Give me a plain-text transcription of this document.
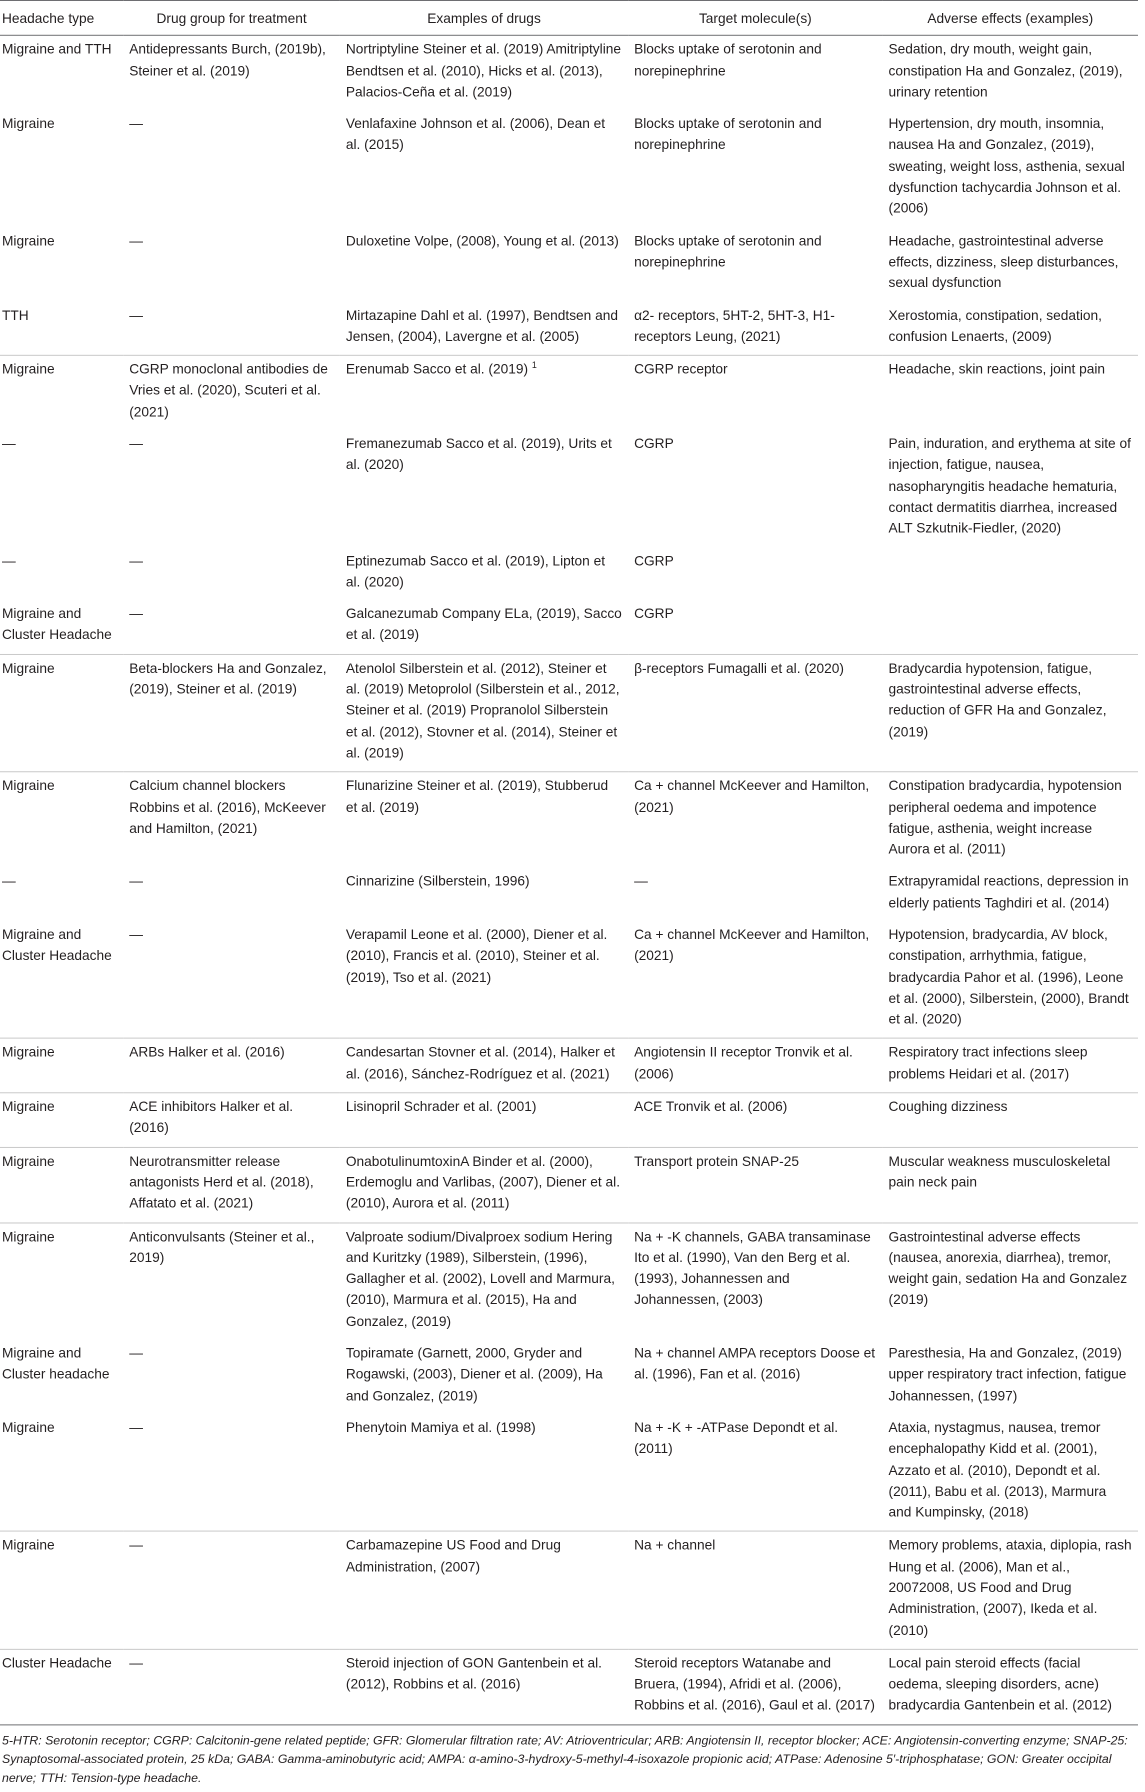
Headache type	Drug group for treatment	Examples of drugs	Target molecule(s)	Adverse effects (examples)
Migraine and TTH	Antidepressants Burch, (2019b), Steiner et al. (2019)	Nortriptyline Steiner et al. (2019) Amitriptyline Bendtsen et al. (2010), Hicks et al. (2013), Palacios-Ceña et al. (2019)	Blocks uptake of serotonin and norepinephrine	Sedation, dry mouth, weight gain, constipation Ha and Gonzalez, (2019), urinary retention
Migraine	—	Venlafaxine Johnson et al. (2006), Dean et al. (2015)	Blocks uptake of serotonin and norepinephrine	Hypertension, dry mouth, insomnia, nausea Ha and Gonzalez, (2019), sweating, weight loss, asthenia, sexual dysfunction tachycardia Johnson et al. (2006)
Migraine	—	Duloxetine Volpe, (2008), Young et al. (2013)	Blocks uptake of serotonin and norepinephrine	Headache, gastrointestinal adverse effects, dizziness, sleep disturbances, sexual dysfunction
TTH	—	Mirtazapine Dahl et al. (1997), Bendtsen and Jensen, (2004), Lavergne et al. (2005)	α2- receptors, 5HT-2, 5HT-3, H1- receptors Leung, (2021)	Xerostomia, constipation, sedation, confusion Lenaerts, (2009)
Migraine	CGRP monoclonal antibodies de Vries et al. (2020), Scuteri et al. (2021)	Erenumab Sacco et al. (2019) $^1$	CGRP receptor	Headache, skin reactions, joint pain
—	—	Fremanezumab Sacco et al. (2019), Urits et al. (2020)	CGRP	Pain, induration, and erythema at site of injection, fatigue, nausea, nasopharyngitis headache hematuria, contact dermatitis diarrhea, increased ALT Szkutnik-Fiedler, (2020)
—	—	Eptinezumab Sacco et al. (2019), Lipton et al. (2020)	CGRP	
Migraine and Cluster Headache	—	Galcanezumab Company ELa, (2019), Sacco et al. (2019)	CGRP	
Migraine	Beta-blockers Ha and Gonzalez, (2019), Steiner et al. (2019)	Atenolol Silberstein et al. (2012), Steiner et al. (2019) Metoprolol (Silberstein et al., 2012, Steiner et al. (2019) Propranolol Silberstein et al. (2012), Stovner et al. (2014), Steiner et al. (2019)	β-receptors Fumagalli et al. (2020)	Bradycardia hypotension, fatigue, gastrointestinal adverse effects, reduction of GFR Ha and Gonzalez, (2019)
Migraine	Calcium channel blockers Robbins et al. (2016), McKeever and Hamilton, (2021)	Flunarizine Steiner et al. (2019), Stubberud et al. (2019)	Ca + channel McKeever and Hamilton, (2021)	Constipation bradycardia, hypotension peripheral oedema and impotence fatigue, asthenia, weight increase Aurora et al. (2011)
—	—	Cinnarizine (Silberstein, 1996)	—	Extrapyramidal reactions, depression in elderly patients Taghdiri et al. (2014)
Migraine and Cluster Headache	—	Verapamil Leone et al. (2000), Diener et al. (2010), Francis et al. (2010), Steiner et al. (2019), Tso et al. (2021)	Ca + channel McKeever and Hamilton, (2021)	Hypotension, bradycardia, AV block, constipation, arrhythmia, fatigue, bradycardia Pahor et al. (1996), Leone et al. (2000), Silberstein, (2000), Brandt et al. (2020)
Migraine	ARBs Halker et al. (2016)	Candesartan Stovner et al. (2014), Halker et al. (2016), Sánchez-Rodríguez et al. (2021)	Angiotensin II receptor Tronvik et al. (2006)	Respiratory tract infections sleep problems Heidari et al. (2017)
Migraine	ACE inhibitors Halker et al. (2016)	Lisinopril Schrader et al. (2001)	ACE Tronvik et al. (2006)	Coughing dizziness
Migraine	Neurotransmitter release antagonists Herd et al. (2018), Affatato et al. (2021)	OnabotulinumtoxinA Binder et al. (2000), Erdemoglu and Varlibas, (2007), Diener et al. (2010), Aurora et al. (2011)	Transport protein SNAP-25	Muscular weakness musculoskeletal pain neck pain
Migraine	Anticonvulsants (Steiner et al., 2019)	Valproate sodium/Divalproex sodium Hering and Kuritzky (1989), Silberstein, (1996), Gallagher et al. (2002), Lovell and Marmura, (2010), Marmura et al. (2015), Ha and Gonzalez, (2019)	Na + -K channels, GABA transaminase Ito et al. (1990), Van den Berg et al. (1993), Johannessen and Johannessen, (2003)	Gastrointestinal adverse effects (nausea, anorexia, diarrhea), tremor, weight gain, sedation Ha and Gonzalez (2019)
Migraine and Cluster headache	—	Topiramate (Garnett, 2000, Gryder and Rogawski, (2003), Diener et al. (2009), Ha and Gonzalez, (2019)	Na + channel AMPA receptors Doose et al. (1996), Fan et al. (2016)	Paresthesia, Ha and Gonzalez, (2019) upper respiratory tract infection, fatigue Johannessen, (1997)
Migraine	—	Phenytoin Mamiya et al. (1998)	Na + -K + -ATPase Depondt et al. (2011)	Ataxia, nystagmus, nausea, tremor encephalopathy Kidd et al. (2001), Azzato et al. (2010), Depondt et al. (2011), Babu et al. (2013), Marmura and Kumpinsky, (2018)
Migraine	—	Carbamazepine US Food and Drug Administration, (2007)	Na + channel	Memory problems, ataxia, diplopia, rash Hung et al. (2006), Man et al., 20072008, US Food and Drug Administration, (2007), Ikeda et al. (2010)
Cluster Headache	—	Steroid injection of GON Gantenbein et al. (2012), Robbins et al. (2016)	Steroid receptors Watanabe and Bruera, (1994), Afridi et al. (2006), Robbins et al. (2016), Gaul et al. (2017)	Local pain steroid effects (facial oedema, sleeping disorders, acne) bradycardia Gantenbein et al. (2012)
5-HTR: Serotonin receptor; CGRP: Calcitonin-gene related peptide; GFR: Glomerular filtration rate; AV: Atrioventricular; ARB: Angiotensin II, receptor blocker; ACE: Angiotensin-converting enzyme; SNAP-25: Synaptosomal-associated protein, 25 kDa; GABA: Gamma-aminobutyric acid; AMPA: α-amino-3-hydroxy-5-methyl-4-isoxazole propionic acid; ATPase: Adenosine 5′-triphosphatase; GON: Greater occipital nerve; TTH: Tension-type headache.
